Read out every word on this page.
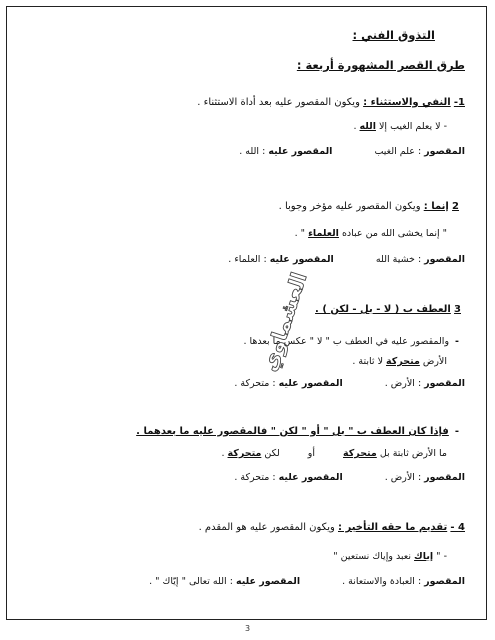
التذوق الفني :
طرق القصر المشهورة أربعة :
1- النفي والاستثناء : ويكون المقصور عليه بعد أداة الاستثناء .
- لا يعلم الغيب إلا الله .
المقصور : علم الغيبالمقصور عليه : الله .
2 إنما : ويكون المقصور عليه مؤخر وجوبا .
" إنما يخشى الله من عباده العلماء " .
المقصور : خشية اللهالمقصور عليه : العلماء .
3 العطف ب ( لا - بل - لكن ) .
-والمقصور عليه في العطف ب " لا " عكس ما بعدها .
الأرض متحركة لا ثابتة .
المقصور : الأرض .المقصور عليه : متحركة .
-فإذا كان العطف ب " بل " أو " لكن " فالمقصور عليه ما بعدهما .
ما الأرض ثابتة بل متحركةأولكن متحركة .
المقصور : الأرض .المقصور عليه : متحركة .
4 - تقديم ما حقه التأخير : ويكون المقصور عليه هو المقدم .
- " إياك نعبد وإياك نستعين "
المقصور : العبادة والاستعانة .المقصور عليه : الله تعالى " إيّاك " .
العشماوي
3
